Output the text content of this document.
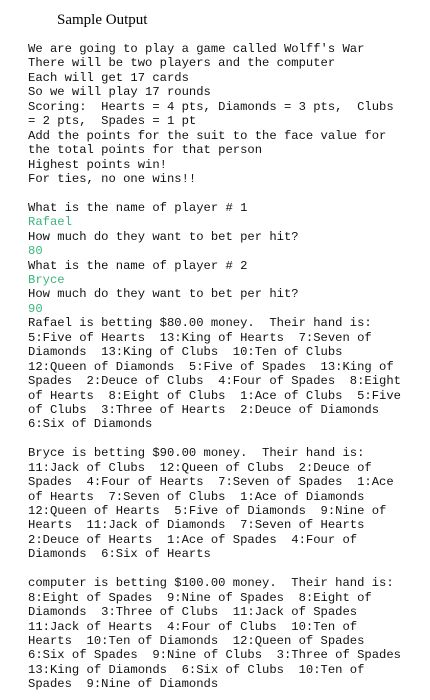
Sample Output
We are going to play a game called Wolff's War
There will be two players and the computer
Each will get 17 cards
So we will play 17 rounds
Scoring:  Hearts = 4 pts, Diamonds = 3 pts,  Clubs
= 2 pts,  Spades = 1 pt
Add the points for the suit to the face value for
the total points for that person
Highest points win!
For ties, no one wins!!
What is the name of player # 1
Rafael
How much do they want to bet per hit?
80
What is the name of player # 2
Bryce
How much do they want to bet per hit?
90
Rafael is betting $80.00 money.  Their hand is:
5:Five of Hearts  13:King of Hearts  7:Seven of
Diamonds  13:King of Clubs  10:Ten of Clubs
12:Queen of Diamonds  5:Five of Spades  13:King of
Spades  2:Deuce of Clubs  4:Four of Spades  8:Eight
of Hearts  8:Eight of Clubs  1:Ace of Clubs  5:Five
of Clubs  3:Three of Hearts  2:Deuce of Diamonds
6:Six of Diamonds
Bryce is betting $90.00 money.  Their hand is:
11:Jack of Clubs  12:Queen of Clubs  2:Deuce of
Spades  4:Four of Hearts  7:Seven of Spades  1:Ace
of Hearts  7:Seven of Clubs  1:Ace of Diamonds
12:Queen of Hearts  5:Five of Diamonds  9:Nine of
Hearts  11:Jack of Diamonds  7:Seven of Hearts
2:Deuce of Hearts  1:Ace of Spades  4:Four of
Diamonds  6:Six of Hearts
computer is betting $100.00 money.  Their hand is:
8:Eight of Spades  9:Nine of Spades  8:Eight of
Diamonds  3:Three of Clubs  11:Jack of Spades
11:Jack of Hearts  4:Four of Clubs  10:Ten of
Hearts  10:Ten of Diamonds  12:Queen of Spades
6:Six of Spades  9:Nine of Clubs  3:Three of Spades
13:King of Diamonds  6:Six of Clubs  10:Ten of
Spades  9:Nine of Diamonds
